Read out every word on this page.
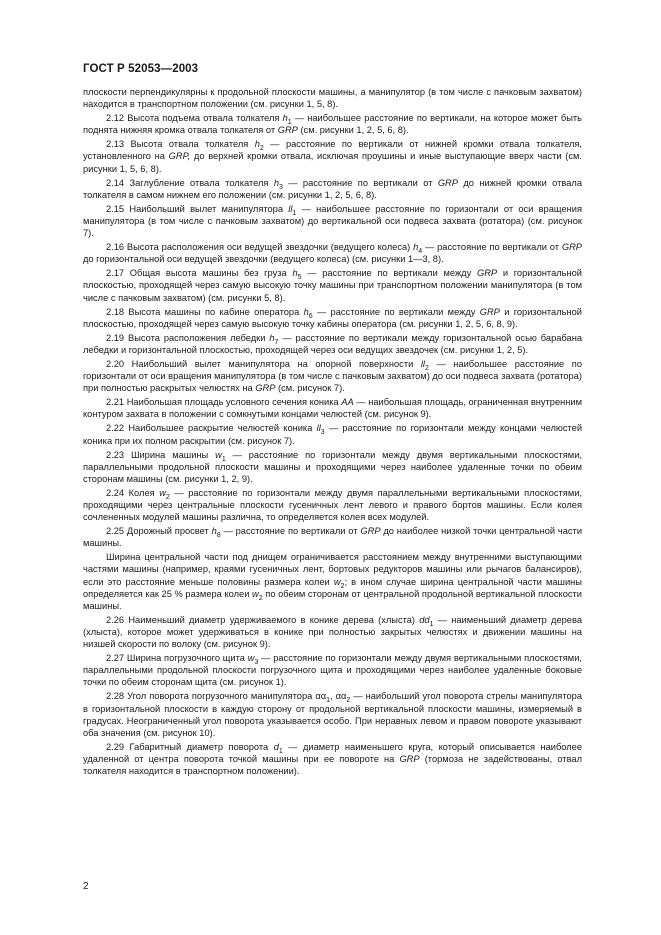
ГОСТ Р 52053—2003

плоскости перпендикулярны к продольной плоскости машины, а манипулятор (в том числе с пачковым захватом) находится в транспортном положении (см. рисунки 1, 5, 8).

2.12 Высота подъема отвала толкателя $h_1$ — наибольшее расстояние по вертикали, на которое может быть поднята нижняя кромка отвала толкателя от GRP (см. рисунки 1, 2, 5, 6, 8).

2.13 Высота отвала толкателя $h_2$ — расстояние по вертикали от нижней кромки отвала толкателя, установленного на GRP, до верхней кромки отвала, исключая проушины и иные выступающие вверх части (см. рисунки 1, 5, 6, 8).

2.14 Заглубление отвала толкателя $h_3$ — расстояние по вертикали от GRP до нижней кромки отвала толкателя в самом нижнем его положении (см. рисунки 1, 2, 5, 6, 8).

2.15 Наибольший вылет манипулятора $ll_1$ — наибольшее расстояние по горизонтали от оси вращения манипулятора (в том числе с пачковым захватом) до вертикальной оси подвеса захвата (ротатора) (см. рисунок 7).

2.16 Высота расположения оси ведущей звездочки (ведущего колеса) $h_4$ — расстояние по вертикали от GRP до горизонтальной оси ведущей звездочки (ведущего колеса) (см. рисунки 1—3, 8).

2.17 Общая высота машины без груза $h_5$ — расстояние по вертикали между GRP и горизонтальной плоскостью, проходящей через самую высокую точку машины при транспортном положении манипулятора (в том числе с пачковым захватом) (см. рисунки 5, 8).

2.18 Высота машины по кабине оператора $h_6$ — расстояние по вертикали между GRP и горизонтальной плоскостью, проходящей через самую высокую точку кабины оператора (см. рисунки 1, 2, 5, 6, 8, 9).

2.19 Высота расположения лебедки $h_7$ — расстояние по вертикали между горизонтальной осью барабана лебедки и горизонтальной плоскостью, проходящей через оси ведущих звездочек (см. рисунки 1, 2, 5).

2.20 Наибольший вылет манипулятора на опорной поверхности $ll_2$ — наибольшее расстояние по горизонтали от оси вращения манипулятора (в том числе с пачковым захватом) до оси подвеса захвата (ротатора) при полностью раскрытых челюстях на GRP (см. рисунок 7).

2.21 Наибольшая площадь условного сечения коника AA — наибольшая площадь, ограниченная внутренним контуром захвата в положении с сомкнутыми концами челюстей (см. рисунок 9).

2.22 Наибольшее раскрытие челюстей коника $ll_3$ — расстояние по горизонтали между концами челюстей коника при их полном раскрытии (см. рисунок 7).

2.23 Ширина машины $w_1$ — расстояние по горизонтали между двумя вертикальными плоскостями, параллельными продольной плоскости машины и проходящими через наиболее удаленные точки по обеим сторонам машины (см. рисунки 1, 2, 9).

2.24 Колея $w_2$ — расстояние по горизонтали между двумя параллельными вертикальными плоскостями, проходящими через центральные плоскости гусеничных лент левого и правого бортов машины. Если колея сочлененных модулей машины различна, то определяется колея всех модулей.

2.25 Дорожный просвет $h_8$ — расстояние по вертикали от GRP до наиболее низкой точки центральной части машины.

Ширина центральной части под днищем ограничивается расстоянием между внутренними выступающими частями машины (например, краями гусеничных лент, бортовых редукторов машины или рычагов балансиров), если это расстояние меньше половины размера колеи $w_2$; в ином случае ширина центральной части машины определяется как 25 % размера колеи $w_2$ по обеим сторонам от центральной продольной вертикальной плоскости машины.

2.26 Наименьший диаметр удерживаемого в конике дерева (хлыста) $dd_1$ — наименьший диаметр дерева (хлыста), которое может удерживаться в конике при полностью закрытых челюстях и движении машины на низшей скорости по волоку (см. рисунок 9).

2.27 Ширина погрузочного щита $w_3$ — расстояние по горизонтали между двумя вертикальными плоскостями, параллельными продольной плоскости погрузочного щита и проходящими через наиболее удаленные боковые точки по обеим сторонам щита (см. рисунок 1).

2.28 Угол поворота погрузочного манипулятора $\alpha\alpha_1$, $\alpha\alpha_2$ — наибольший угол поворота стрелы манипулятора в горизонтальной плоскости в каждую сторону от продольной вертикальной плоскости машины, измеряемый в градусах. Неограниченный угол поворота указывается особо. При неравных левом и правом повороте указывают оба значения (см. рисунок 10).

2.29 Габаритный диаметр поворота $d_1$ — диаметр наименьшего круга, который описывается наиболее удаленной от центра поворота точкой машины при ее повороте на GRP (тормоза не задействованы, отвал толкателя находится в транспортном положении).

2
